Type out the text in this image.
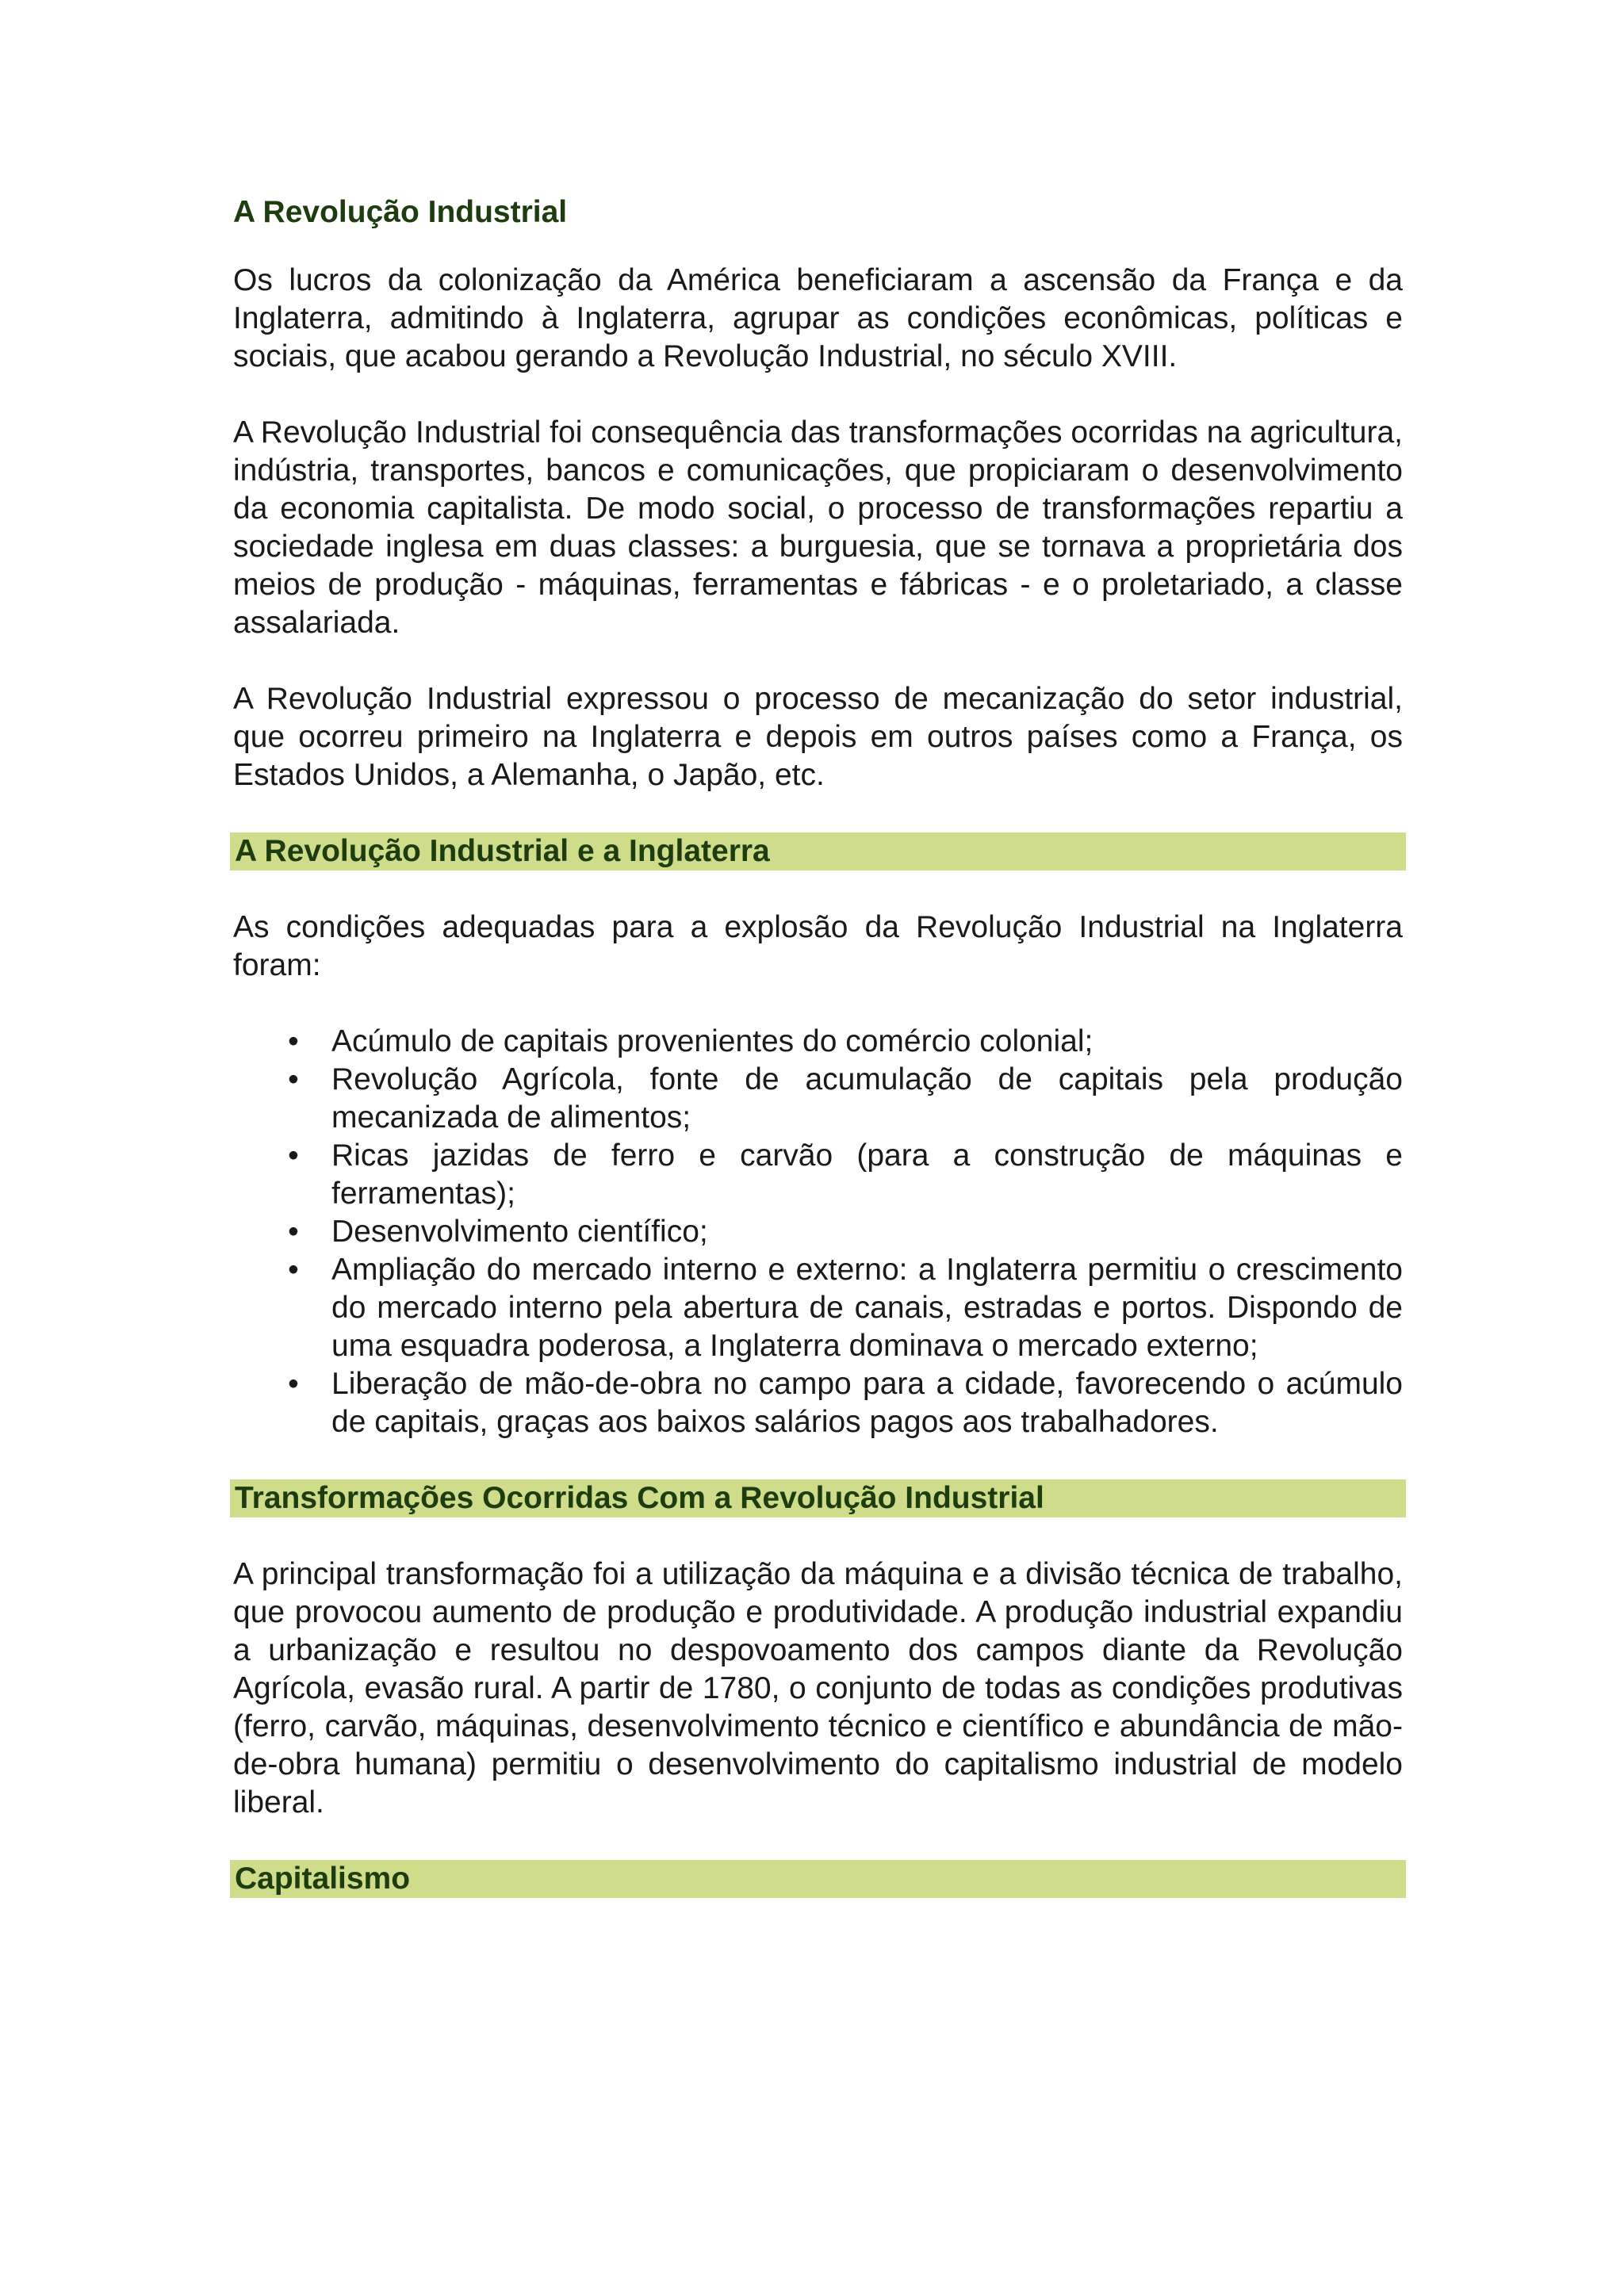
A Revolução Industrial

Os lucros da colonização da América beneficiaram a ascensão da França e da Inglaterra, admitindo à Inglaterra, agrupar as condições econômicas, políticas e sociais, que acabou gerando a Revolução Industrial, no século XVIII.

A Revolução Industrial foi consequência das transformações ocorridas na agricultura, indústria, transportes, bancos e comunicações, que propiciaram o desenvolvimento da economia capitalista. De modo social, o processo de transformações repartiu a sociedade inglesa em duas classes: a burguesia, que se tornava a proprietária dos meios de produção - máquinas, ferramentas e fábricas - e o proletariado, a classe assalariada.

A Revolução Industrial expressou o processo de mecanização do setor industrial, que ocorreu primeiro na Inglaterra e depois em outros países como a França, os Estados Unidos, a Alemanha, o Japão, etc.

A Revolução Industrial e a Inglaterra

As condições adequadas para a explosão da Revolução Industrial na Inglaterra foram:

• Acúmulo de capitais provenientes do comércio colonial;
• Revolução Agrícola, fonte de acumulação de capitais pela produção mecanizada de alimentos;
• Ricas jazidas de ferro e carvão (para a construção de máquinas e ferramentas);
• Desenvolvimento científico;
• Ampliação do mercado interno e externo: a Inglaterra permitiu o crescimento do mercado interno pela abertura de canais, estradas e portos. Dispondo de uma esquadra poderosa, a Inglaterra dominava o mercado externo;
• Liberação de mão-de-obra no campo para a cidade, favorecendo o acúmulo de capitais, graças aos baixos salários pagos aos trabalhadores.
Transformações Ocorridas Com a Revolução Industrial

A principal transformação foi a utilização da máquina e a divisão técnica de trabalho, que provocou aumento de produção e produtividade. A produção industrial expandiu a urbanização e resultou no despovoamento dos campos diante da Revolução Agrícola, evasão rural. A partir de 1780, o conjunto de todas as condições produtivas (ferro, carvão, máquinas, desenvolvimento técnico e científico e abundância de mão-de-obra humana) permitiu o desenvolvimento do capitalismo industrial de modelo liberal.

Capitalismo
